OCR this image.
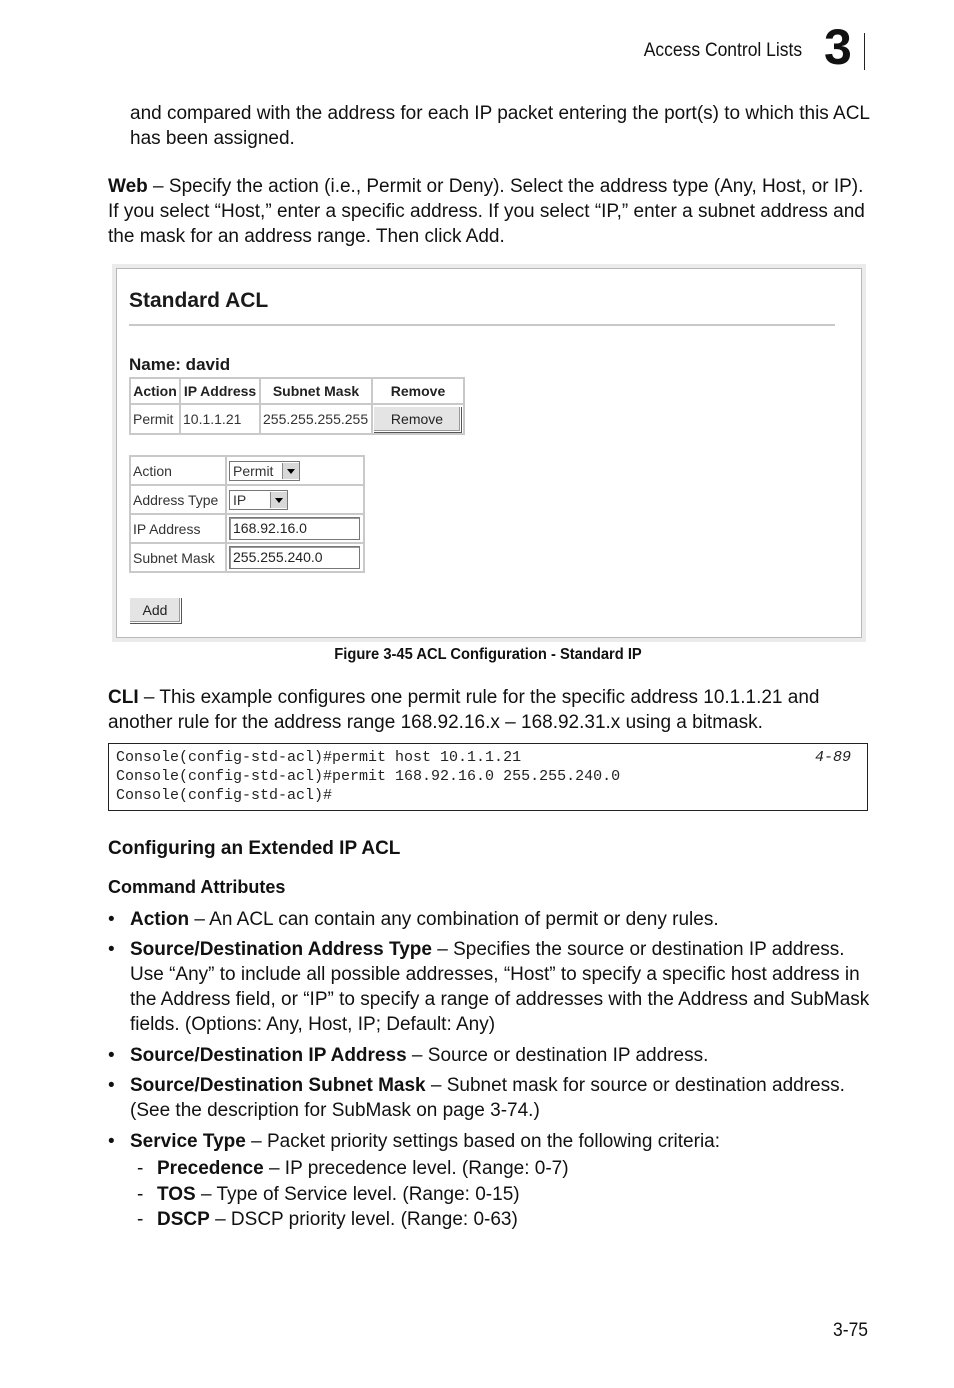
Access Control Lists 3
and compared with the address for each IP packet entering the port(s) to which this ACL has been assigned.
Web – Specify the action (i.e., Permit or Deny). Select the address type (Any, Host, or IP). If you select “Host,” enter a specific address. If you select “IP,” enter a subnet address and the mask for an address range. Then click Add.
Standard ACL
Name: david
Action	IP Address	Subnet Mask	Remove
Permit	10.1.1.21	255.255.255.255	Remove
Action	Permit

Address Type	IP

IP Address	168.92.16.0
Subnet Mask	255.255.240.0
Add
Figure 3-45 ACL Configuration - Standard IP
CLI – This example configures one permit rule for the specific address 10.1.1.21 and another rule for the address range 168.92.16.x – 168.92.31.x using a bitmask.
Console(config-std-acl)#permit host 10.1.1.21
Console(config-std-acl)#permit 168.92.16.0 255.255.240.0
Console(config-std-acl)#
4-89
Configuring an Extended IP ACL
Command Attributes
• Action – An ACL can contain any combination of permit or deny rules.
• Source/Destination Address Type – Specifies the source or destination IP address. Use “Any” to include all possible addresses, “Host” to specify a specific host address in the Address field, or “IP” to specify a range of addresses with the Address and SubMask fields. (Options: Any, Host, IP; Default: Any)
• Source/Destination IP Address – Source or destination IP address.
• Source/Destination Subnet Mask – Subnet mask for source or destination address. (See the description for SubMask on page 3-74.)
• Service Type – Packet priority settings based on the following criteria:
- Precedence – IP precedence level. (Range: 0-7)
- TOS – Type of Service level. (Range: 0-15)
- DSCP – DSCP priority level. (Range: 0-63)
3-75
